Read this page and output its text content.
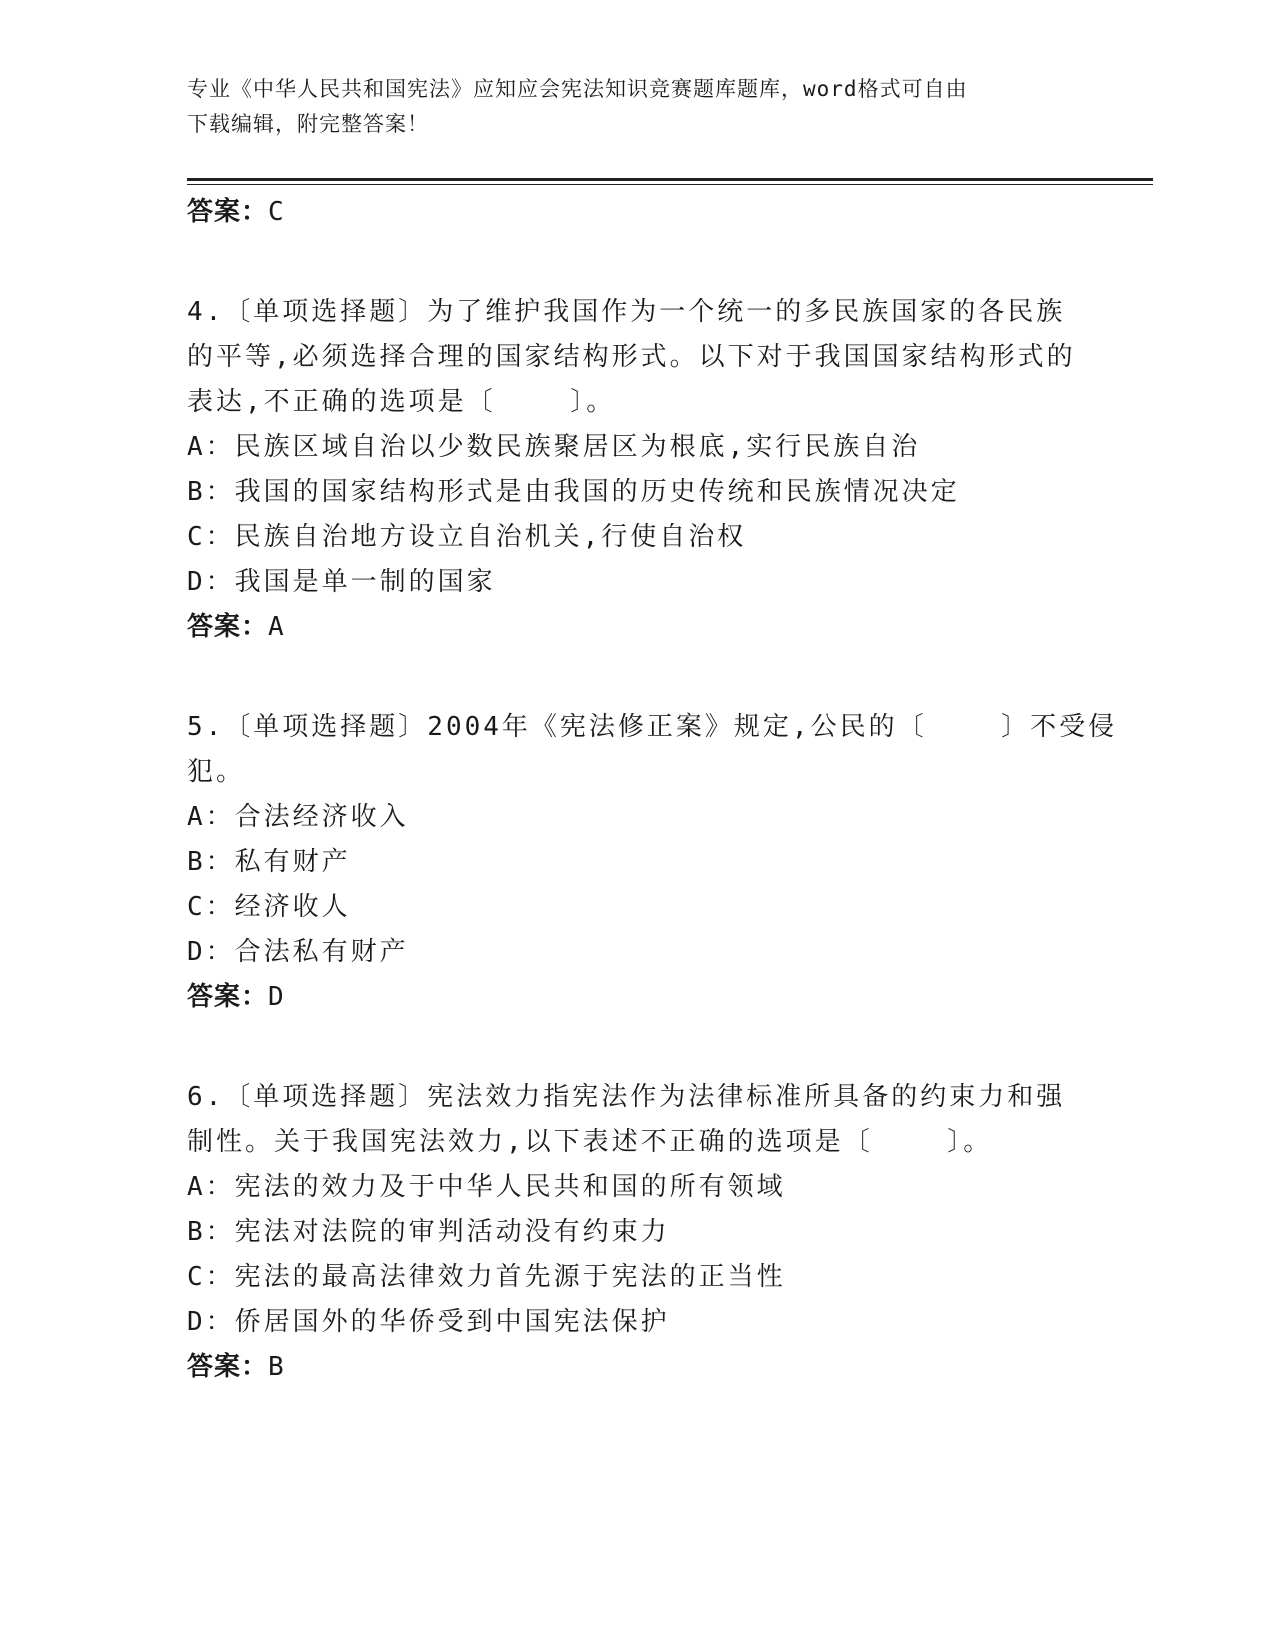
专业《中华人民共和国宪法》应知应会宪法知识竞赛题库题库，word格式可自由
下载编辑，附完整答案！
答案：C
4.〔单项选择题〕为了维护我国作为一个统一的多民族国家的各民族
的平等,必须选择合理的国家结构形式。以下对于我国国家结构形式的
表达,不正确的选项是〔    〕。
A：民族区域自治以少数民族聚居区为根底,实行民族自治
B：我国的国家结构形式是由我国的历史传统和民族情况决定
C：民族自治地方设立自治机关,行使自治权
D：我国是单一制的国家
答案：A
5.〔单项选择题〕2004年《宪法修正案》规定,公民的〔    〕不受侵
犯。
A：合法经济收入
B：私有财产
C：经济收人
D：合法私有财产
答案：D
6.〔单项选择题〕宪法效力指宪法作为法律标准所具备的约束力和强
制性。关于我国宪法效力,以下表述不正确的选项是〔    〕。
A：宪法的效力及于中华人民共和国的所有领域
B：宪法对法院的审判活动没有约束力
C：宪法的最高法律效力首先源于宪法的正当性
D：侨居国外的华侨受到中国宪法保护
答案：B
